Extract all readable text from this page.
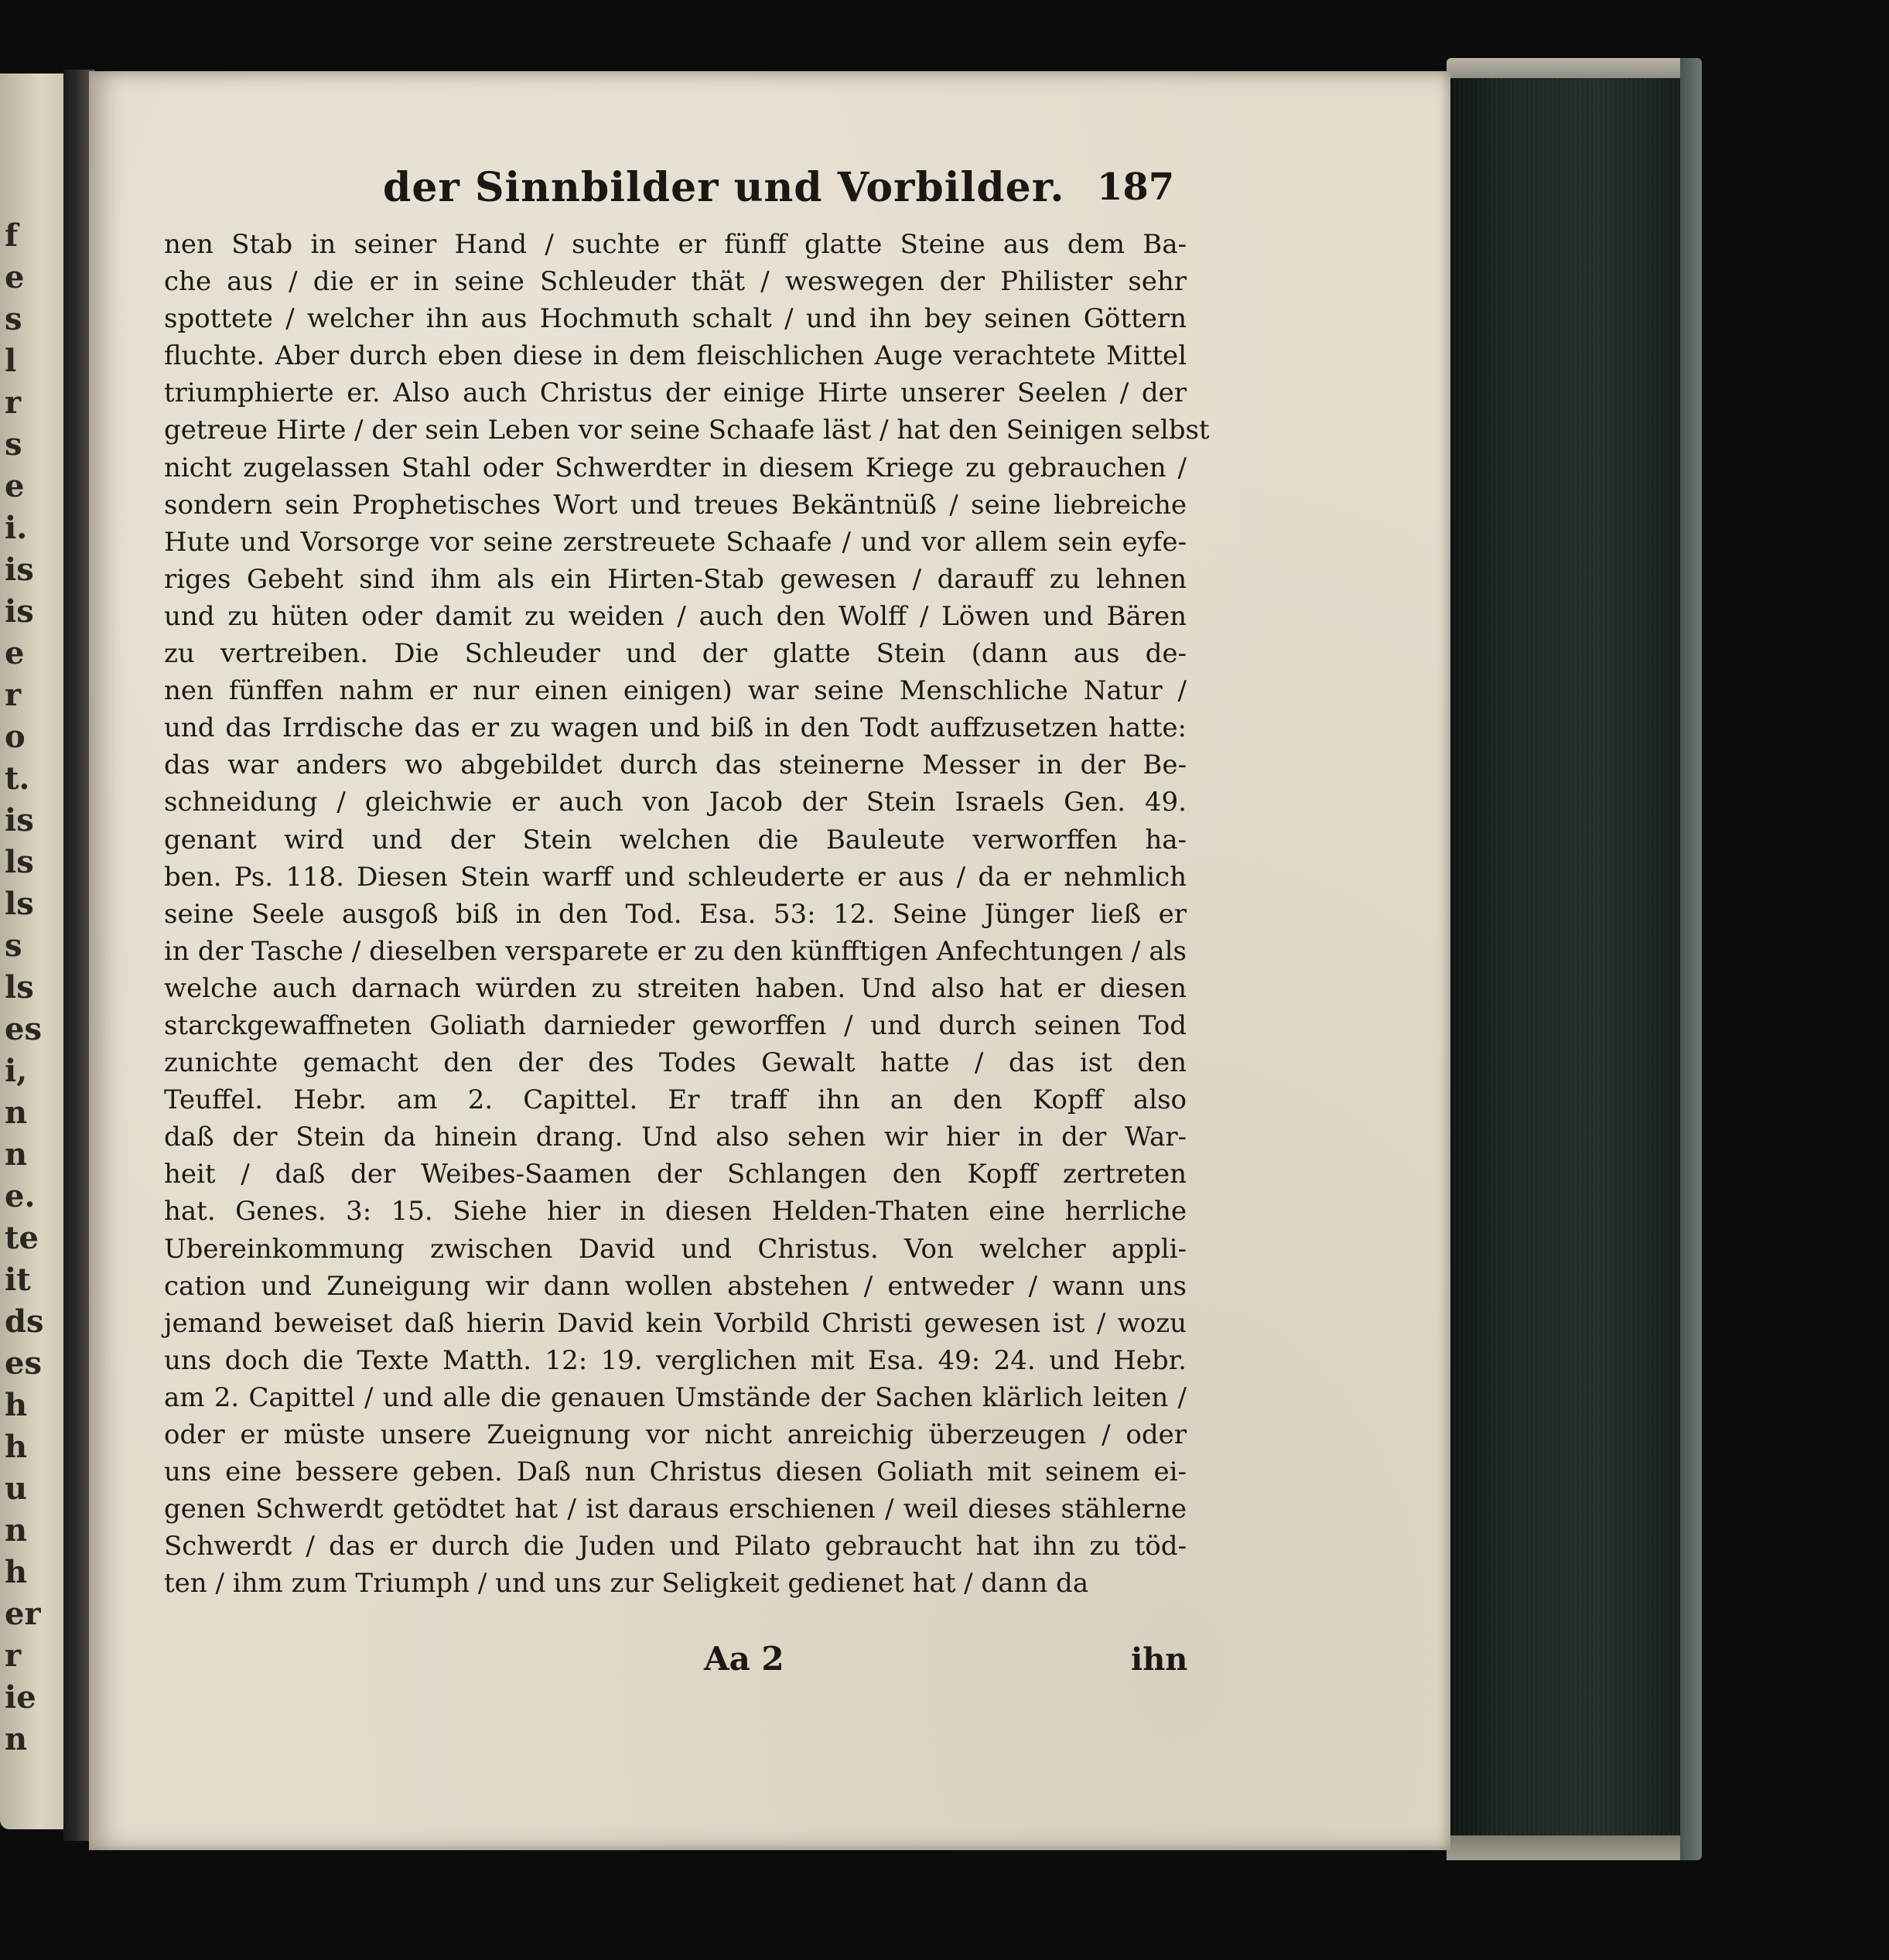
f
e
s
l
r
s
e
i.
is
is
e
r
o
t.
is
ls
ls
s
ls
es
i,
n
n
e.
te
it
ds
es
h
h
u
n
h
er
r
ie
n
der Sinnbilder und Vorbilder. 187
nen Stab in seiner Hand / suchte er fünff glatte Steine aus dem Ba-
che aus / die er in seine Schleuder thät / weswegen der Philister sehr
spottete / welcher ihn aus Hochmuth schalt / und ihn bey seinen Göttern
fluchte. Aber durch eben diese in dem fleischlichen Auge verachtete Mittel
triumphierte er. Also auch Christus der einige Hirte unserer Seelen / der
getreue Hirte / der sein Leben vor seine Schaafe läst / hat den Seinigen selbst
nicht zugelassen Stahl oder Schwerdter in diesem Kriege zu gebrauchen /
sondern sein Prophetisches Wort und treues Bekäntnüß / seine liebreiche
Hute und Vorsorge vor seine zerstreuete Schaafe / und vor allem sein eyfe-
riges Gebeht sind ihm als ein Hirten-Stab gewesen / darauff zu lehnen
und zu hüten oder damit zu weiden / auch den Wolff / Löwen und Bären
zu vertreiben. Die Schleuder und der glatte Stein (dann aus de-
nen fünffen nahm er nur einen einigen) war seine Menschliche Natur /
und das Irrdische das er zu wagen und biß in den Todt auffzusetzen hatte:
das war anders wo abgebildet durch das steinerne Messer in der Be-
schneidung / gleichwie er auch von Jacob der Stein Israels Gen. 49.
genant wird und der Stein welchen die Bauleute verworffen ha-
ben. Ps. 118. Diesen Stein warff und schleuderte er aus / da er nehmlich
seine Seele ausgoß biß in den Tod. Esa. 53: 12. Seine Jünger ließ er
in der Tasche / dieselben versparete er zu den künfftigen Anfechtungen / als
welche auch darnach würden zu streiten haben. Und also hat er diesen
starckgewaffneten Goliath darnieder geworffen / und durch seinen Tod
zunichte gemacht den der des Todes Gewalt hatte / das ist den
Teuffel. Hebr. am 2. Capittel. Er traff ihn an den Kopff also
daß der Stein da hinein drang. Und also sehen wir hier in der War-
heit / daß der Weibes-Saamen der Schlangen den Kopff zertreten
hat. Genes. 3: 15. Siehe hier in diesen Helden-Thaten eine herrliche
Ubereinkommung zwischen David und Christus. Von welcher appli-
cation und Zuneigung wir dann wollen abstehen / entweder / wann uns
jemand beweiset daß hierin David kein Vorbild Christi gewesen ist / wozu
uns doch die Texte Matth. 12: 19. verglichen mit Esa. 49: 24. und Hebr.
am 2. Capittel / und alle die genauen Umstände der Sachen klärlich leiten /
oder er müste unsere Zueignung vor nicht anreichig überzeugen / oder
uns eine bessere geben. Daß nun Christus diesen Goliath mit seinem ei-
genen Schwerdt getödtet hat / ist daraus erschienen / weil dieses stählerne
Schwerdt / das er durch die Juden und Pilato gebraucht hat ihn zu töd-
ten / ihm zum Triumph / und uns zur Seligkeit gedienet hat / dann da
Aa 2	ihn
